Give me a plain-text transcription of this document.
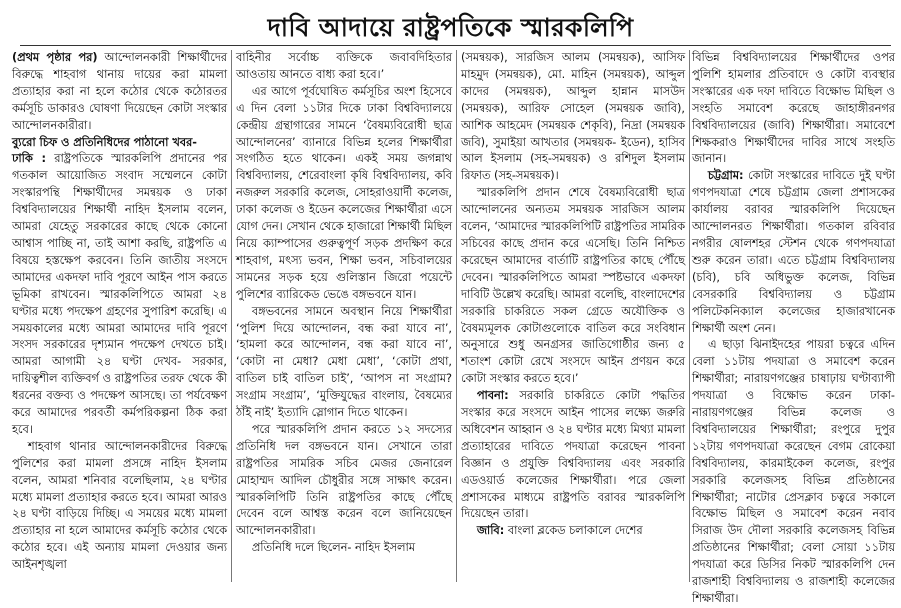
দাবি আদায়ে রাষ্ট্রপতিকে স্মারকলিপি

(প্রথম পৃষ্ঠার পর) আন্দোলনকারী শিক্ষার্থীদের বিরুদ্ধে শাহবাগ থানায় দায়ের করা মামলা প্রত্যাহার করা না হলে কঠোর থেকে কঠোরতর কর্মসূচি ডাকারও ঘোষণা দিয়েছেন কোটা সংস্কার আন্দোলনকারীরা।

ব্যুরো চিফ ও প্রতিনিধিদের পাঠানো খবর-

ঢাকি : রাষ্ট্রপতিকে স্মারকলিপি প্রদানের পর গতকাল আয়োজিত সংবাদ সম্মেলনে কোটা সংস্কারপন্থি শিক্ষার্থীদের সমন্বয়ক ও ঢাকা বিশ্ববিদ্যালয়ের শিক্ষার্থী নাহিদ ইসলাম বলেন, আমরা যেহেতু সরকারের কাছে থেকে কোনো আশ্বাস পাচ্ছি না, তাই আশা করছি, রাষ্ট্রপতি এ বিষয়ে হস্তক্ষেপ করবেন। তিনি জাতীয় সংসদে আমাদের একদফা দাবি পূরণে আইন পাস করতে ভূমিকা রাখবেন। স্মারকলিপিতে আমরা ২৪ ঘণ্টার মধ্যে পদক্ষেপ গ্রহণের সুপারিশ করেছি। এ সময়কালের মধ্যে আমরা আমাদের দাবি পূরণে সংসদ সরকারের দৃশ্যমান পদক্ষেপ দেখতে চাই। আমরা আগামী ২৪ ঘণ্টা দেখব- সরকার, দায়িত্বশীল ব্যক্তিবর্গ ও রাষ্ট্রপতির তরফ থেকে কী ধরনের বক্তব্য ও পদক্ষেপ আসছে। তা পর্যবেক্ষণ করে আমাদের পরবর্তী কর্মপরিকল্পনা ঠিক করা হবে।

শাহবাগ থানার আন্দোলনকারীদের বিরুদ্ধে পুলিশের করা মামলা প্রসঙ্গে নাহিদ ইসলাম বলেন, আমরা শনিবার বলেছিলাম, ২৪ ঘণ্টার মধ্যে মামলা প্রত্যাহার করতে হবে। আমরা আরও ২৪ ঘণ্টা বাড়িয়ে দিচ্ছি। এ সময়ের মধ্যে মামলা প্রত্যাহার না হলে আমাদের কর্মসূচি কঠোর থেকে কঠোর হবে। এই অন্যায় মামলা দেওয়ার জন্য আইনশৃঙ্খলা

বাহিনীর সর্বোচ্চ ব্যক্তিকে জবাবদিহিতার আওতায় আনতে বাধ্য করা হবে।’

এর আগে পূর্বঘোষিত কর্মসূচির অংশ হিসেবে এ দিন বেলা ১১টার দিকে ঢাকা বিশ্ববিদ্যালয়ে কেন্দ্রীয় গ্রন্থাগারের সামনে ‘বৈষম্যবিরোধী ছাত্র আন্দোলনের’ ব্যানারে বিভিন্ন হলের শিক্ষার্থীরা সংগঠিত হতে থাকেন। একই সময় জগন্নাথ বিশ্ববিদ্যালয়, শেরেবাংলা কৃষি বিশ্ববিদ্যালয়, কবি নজরুল সরকারি কলেজ, সোহরাওয়ার্দী কলেজ, ঢাকা কলেজ ও ইডেন কলেজের শিক্ষার্থীরা এসে যোগ দেন। সেখান থেকে হাজারো শিক্ষার্থী মিছিল নিয়ে ক্যাম্পাসের গুরুত্বপূর্ণ সড়ক প্রদক্ষিণ করে শাহবাগ, মৎস্য ভবন, শিক্ষা ভবন, সচিবালয়ের সামনের সড়ক হয়ে গুলিস্তান জিরো পয়েন্টে পুলিশের ব্যারিকেড ভেঙে বঙ্গভবনে যান।

বঙ্গভবনের সামনে অবস্থান নিয়ে শিক্ষার্থীরা ‘পুলিশ দিয়ে আন্দোলন, বন্ধ করা যাবে না’, ‘হামলা করে আন্দোলন, বন্ধ করা যাবে না’, ‘কোটা না মেধা? মেধা মেধা’, ‘কোটা প্রথা, বাতিল চাই বাতিল চাই’, ‘আপস না সংগ্রাম? সংগ্রাম সংগ্রাম’, ‘মুক্তিযুদ্ধের বাংলায়, বৈষম্যের ঠাঁই নাই’ ইত্যাদি স্লোগান দিতে থাকেন।

পরে স্মারকলিপি প্রদান করতে ১২ সদস্যের প্রতিনিধি দল বঙ্গভবনে যান। সেখানে তারা রাষ্ট্রপতির সামরিক সচিব মেজর জেনারেল মোহাম্মদ আদিল চৌধুরীর সঙ্গে সাক্ষাৎ করেন। স্মারকলিপিটি তিনি রাষ্ট্রপতির কাছে পৌঁছে দেবেন বলে আশ্বস্ত করেন বলে জানিয়েছেন আন্দোলনকারীরা।

প্রতিনিধি দলে ছিলেন- নাহিদ ইসলাম

(সমন্বয়ক), সারজিস আলম (সমন্বয়ক), আসিফ মাহমুদ (সমন্বয়ক), মো. মাহিন (সমন্বয়ক), আব্দুল কাদের (সমন্বয়ক), আব্দুল হান্নান মাসউদ (সমন্বয়ক), আরিফ সোহেল (সমন্বয়ক জাবি), আশিক আহমেদ (সমন্বয়ক শেকৃবি), নিদ্রা (সমন্বয়ক জবি), সুমাইয়া আখতার (সমন্বয়ক- ইডেন), হাসিব আল ইসলাম (সহ-সমন্বয়ক) ও রশিদুল ইসলাম রিফাত (সহ-সমন্বয়ক)।

স্মারকলিপি প্রদান শেষে বৈষম্যবিরোধী ছাত্র আন্দোলনের অন্যতম সমন্বয়ক সারজিস আলম বলেন, ‘আমাদের স্মারকলিপিটি রাষ্ট্রপতির সামরিক সচিবের কাছে প্রদান করে এসেছি। তিনি নিশ্চিত করেছেন আমাদের বার্তাটি রাষ্ট্রপতির কাছে পৌঁছে দেবেন। স্মারকলিপিতে আমরা স্পষ্টভাবে একদফা দাবিটি উল্লেখ করেছি। আমরা বলেছি, বাংলাদেশের সরকারি চাকরিতে সকল গ্রেডে অযৌক্তিক ও বৈষম্যমূলক কোটাগুলোকে বাতিল করে সংবিধান অনুসারে শুধু অনগ্রসর জাতিগোষ্ঠীর জন্য ৫ শতাংশ কোটা রেখে সংসদে আইন প্রণয়ন করে কোটা সংস্কার করতে হবে।’

পাবনা: সরকারি চাকরিতে কোটা পদ্ধতির সংস্কার করে সংসদে আইন পাসের লক্ষ্যে জরুরি অধিবেশন আহ্বান ও ২৪ ঘণ্টার মধ্যে মিথ্যা মামলা প্রত্যাহারের দাবিতে পদযাত্রা করেছেন পাবনা বিজ্ঞান ও প্রযুক্তি বিশ্ববিদ্যালয় এবং সরকারি এডওয়ার্ড কলেজের শিক্ষার্থীরা। পরে জেলা প্রশাসকের মাধ্যমে রাষ্ট্রপতি বরাবর স্মারকলিপি দিয়েছেন তারা।

জাবি: বাংলা ব্লকেড চলাকালে দেশের

বিভিন্ন বিশ্ববিদ্যালয়ের শিক্ষার্থীদের ওপর পুলিশি হামলার প্রতিবাদে ও কোটা ব্যবস্থার সংস্কারের এক দফা দাবিতে বিক্ষোভ মিছিল ও সংহতি সমাবেশ করেছে জাহাঙ্গীরনগর বিশ্ববিদ্যালয়ের (জাবি) শিক্ষার্থীরা। সমাবেশে শিক্ষকরাও শিক্ষার্থীদের দাবির সাথে সংহতি জানান।

চট্টগ্রাম: কোটা সংস্কারের দাবিতে দুই ঘণ্টা গণপদযাত্রা শেষে চট্টগ্রাম জেলা প্রশাসকের কার্যালয় বরাবর স্মারকলিপি দিয়েছেন আন্দোলনরত শিক্ষার্থীরা। গতকাল রবিবার নগরীর ষোলশহর স্টেশন থেকে গণপদযাত্রা শুরু করেন তারা। এতে চট্টগ্রাম বিশ্ববিদ্যালয় (চবি), চবি অধিভুক্ত কলেজ, বিভিন্ন বেসরকারি বিশ্ববিদ্যালয় ও চট্টগ্রাম পলিটেকনিক্যাল কলেজের হাজারখানেক শিক্ষার্থী অংশ নেন।

এ ছাড়া ঝিনাইদহের পায়রা চত্বরে এদিন বেলা ১১টায় পদযাত্রা ও সমাবেশ করেন শিক্ষার্থীরা; নারায়ণগঞ্জের চাষাঢ়ায় ঘণ্টাব্যাপী পদযাত্রা ও বিক্ষোভ করেন ঢাকা-নারায়ণগঞ্জের বিভিন্ন কলেজ ও বিশ্ববিদ্যালয়ের শিক্ষার্থীরা; রংপুরে দুপুর ১২টায় গণপদযাত্রা করেছেন বেগম রোকেয়া বিশ্ববিদ্যালয়, কারমাইকেল কলেজ, রংপুর সরকারি কলেজসহ বিভিন্ন প্রতিষ্ঠানের শিক্ষার্থীরা; নাটোর প্রেসক্লাব চত্বরে সকালে বিক্ষোভ মিছিল ও সমাবেশ করেন নবাব সিরাজ উদ দৌলা সরকারি কলেজসহ বিভিন্ন প্রতিষ্ঠানের শিক্ষার্থীরা; বেলা সোয়া ১১টায় পদযাত্রা করে ডিসির নিকট স্মারকলিপি দেন রাজশাহী বিশ্ববিদ্যালয় ও রাজশাহী কলেজের শিক্ষার্থীরা।
